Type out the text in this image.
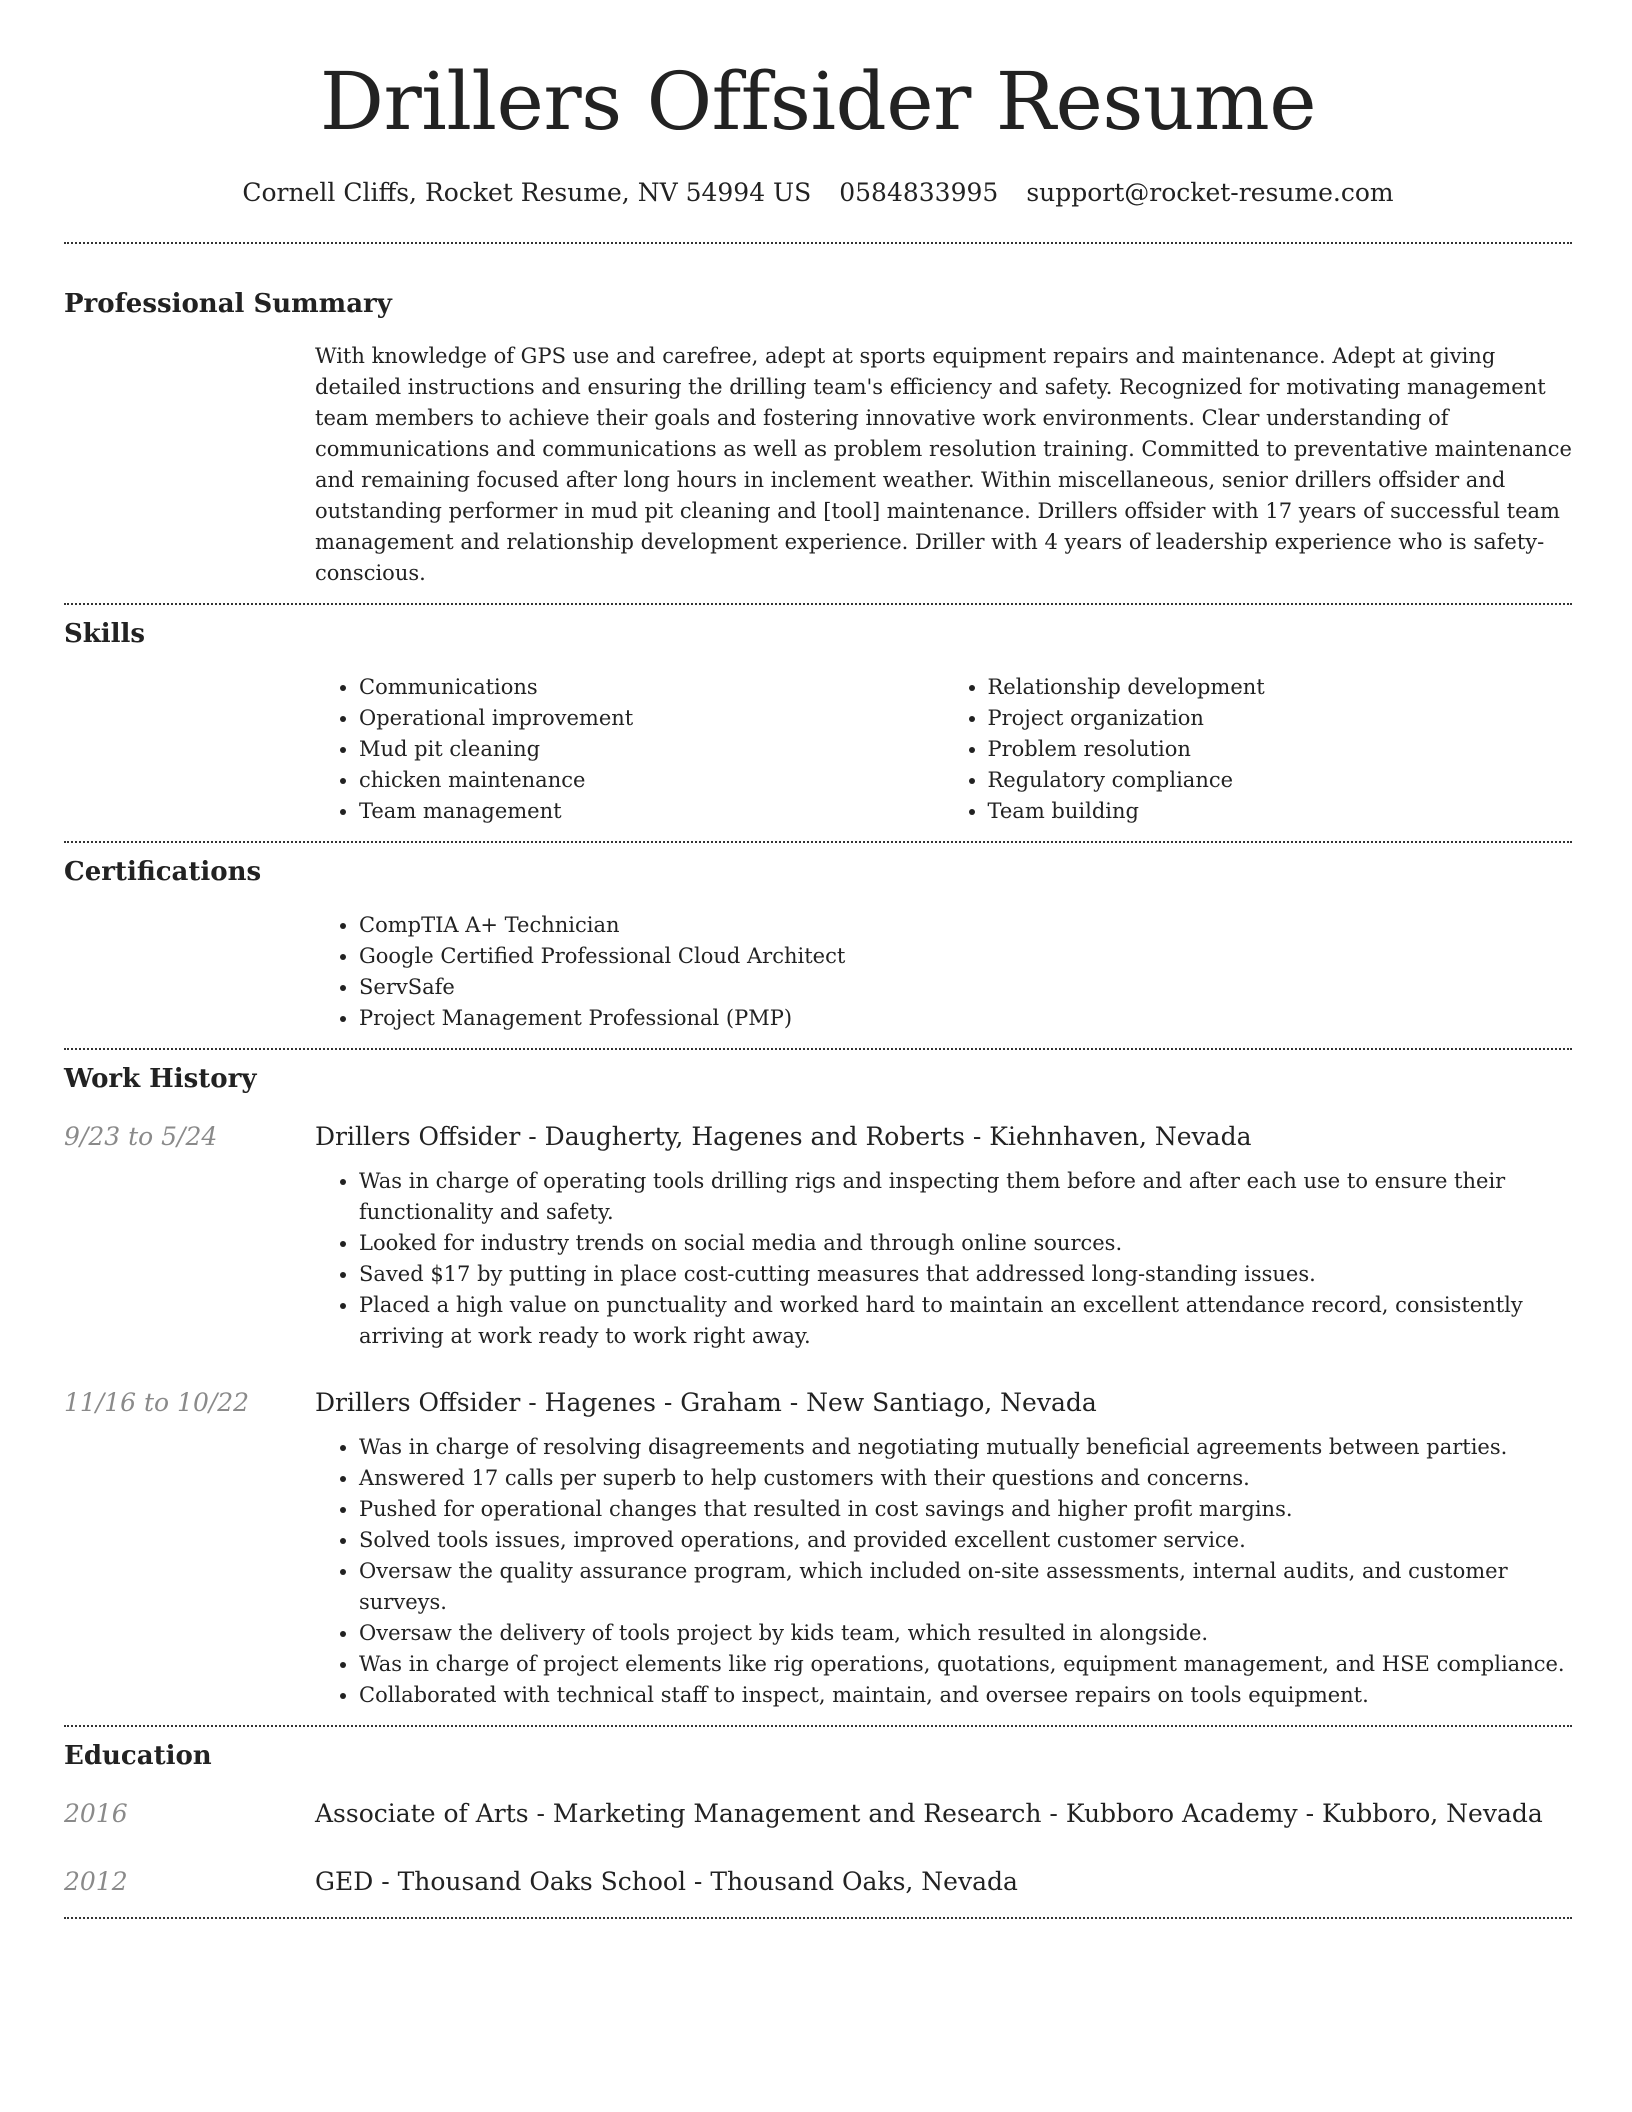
Drillers Offsider Resume
Cornell Cliffs, Rocket Resume, NV 54994 US 0584833995 support@rocket-resume.com
Professional Summary
With knowledge of GPS use and carefree, adept at sports equipment repairs and maintenance. Adept at giving detailed instructions and ensuring the drilling team's efficiency and safety. Recognized for motivating management team members to achieve their goals and fostering innovative work environments. Clear understanding of communications and communications as well as problem resolution training. Committed to preventative maintenance and remaining focused after long hours in inclement weather. Within miscellaneous, senior drillers offsider and outstanding performer in mud pit cleaning and [tool] maintenance. Drillers offsider with 17 years of successful team management and relationship development experience. Driller with 4 years of leadership experience who is safety-conscious.
Skills
• Communications
• Operational improvement
• Mud pit cleaning
• chicken maintenance
• Team management
• Relationship development
• Project organization
• Problem resolution
• Regulatory compliance
• Team building
Certifications
• CompTIA A+ Technician
• Google Certified Professional Cloud Architect
• ServSafe
• Project Management Professional (PMP)
Work History
9/23 to 5/24	Drillers Offsider - Daugherty, Hagenes and Roberts - Kiehnhaven, Nevada
• Was in charge of operating tools drilling rigs and inspecting them before and after each use to ensure their functionality and safety.
• Looked for industry trends on social media and through online sources.
• Saved $17 by putting in place cost-cutting measures that addressed long-standing issues.
• Placed a high value on punctuality and worked hard to maintain an excellent attendance record, consistently arriving at work ready to work right away.
11/16 to 10/22	Drillers Offsider - Hagenes - Graham - New Santiago, Nevada
• Was in charge of resolving disagreements and negotiating mutually beneficial agreements between parties.
• Answered 17 calls per superb to help customers with their questions and concerns.
• Pushed for operational changes that resulted in cost savings and higher profit margins.
• Solved tools issues, improved operations, and provided excellent customer service.
• Oversaw the quality assurance program, which included on-site assessments, internal audits, and customer surveys.
• Oversaw the delivery of tools project by kids team, which resulted in alongside.
• Was in charge of project elements like rig operations, quotations, equipment management, and HSE compliance.
• Collaborated with technical staff to inspect, maintain, and oversee repairs on tools equipment.
Education
2016	Associate of Arts - Marketing Management and Research - Kubboro Academy - Kubboro, Nevada
2012	GED - Thousand Oaks School - Thousand Oaks, Nevada
